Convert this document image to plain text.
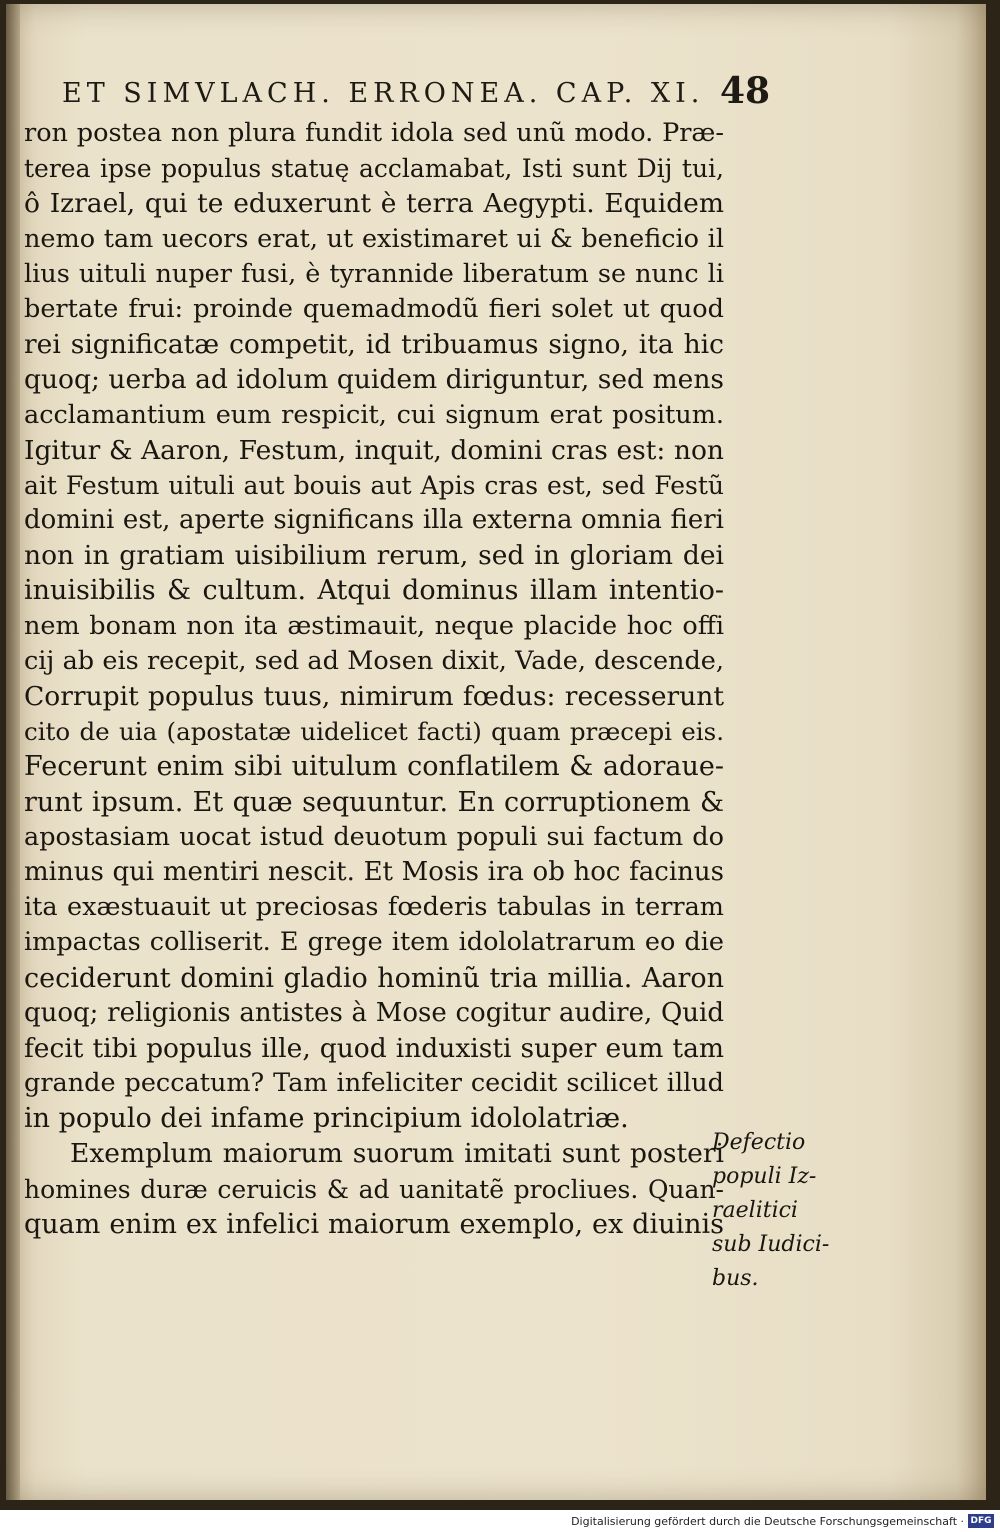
ET SIMVLACH. ERRONEA. CAP. XI. 48
ron postea non plura fundit idola sed unũ modo. Præ-
terea ipse populus statuę acclamabat, Isti sunt Dij tui,
ô Izrael, qui te eduxerunt è terra Aegypti. Equidem
nemo tam uecors erat, ut existimaret ui & beneficio il
lius uituli nuper fusi, è tyrannide liberatum se nunc li
bertate frui: proinde quemadmodũ fieri solet ut quod
rei significatæ competit, id tribuamus signo, ita hic
quoq; uerba ad idolum quidem diriguntur, sed mens
acclamantium eum respicit, cui signum erat positum.
Igitur & Aaron, Festum, inquit, domini cras est: non
ait Festum uituli aut bouis aut Apis cras est, sed Festũ
domini est, aperte significans illa externa omnia fieri
non in gratiam uisibilium rerum, sed in gloriam dei
inuisibilis & cultum. Atqui dominus illam intentio-
nem bonam non ita æstimauit, neque placide hoc offi
cij ab eis recepit, sed ad Mosen dixit, Vade, descende,
Corrupit populus tuus, nimirum fœdus: recesserunt
cito de uia (apostatæ uidelicet facti) quam præcepi eis.
Fecerunt enim sibi uitulum conflatilem & adoraue-
runt ipsum. Et quæ sequuntur. En corruptionem &
apostasiam uocat istud deuotum populi sui factum do
minus qui mentiri nescit. Et Mosis ira ob hoc facinus
ita exæstuauit ut preciosas fœderis tabulas in terram
impactas colliserit. E grege item idololatrarum eo die
ceciderunt domini gladio hominũ tria millia. Aaron
quoq; religionis antistes à Mose cogitur audire, Quid
fecit tibi populus ille, quod induxisti super eum tam
grande peccatum? Tam infeliciter cecidit scilicet illud
in populo dei infame principium idololatriæ.
Exemplum maiorum suorum imitati sunt posteri
homines duræ ceruicis & ad uanitatẽ procliues. Quan-
quam enim ex infelici maiorum exemplo, ex diuinis
Defectio
populi Iz-
raelitici
sub Iudici-
bus.
Digitalisierung gefördert durch die Deutsche Forschungsgemeinschaft · DFG
